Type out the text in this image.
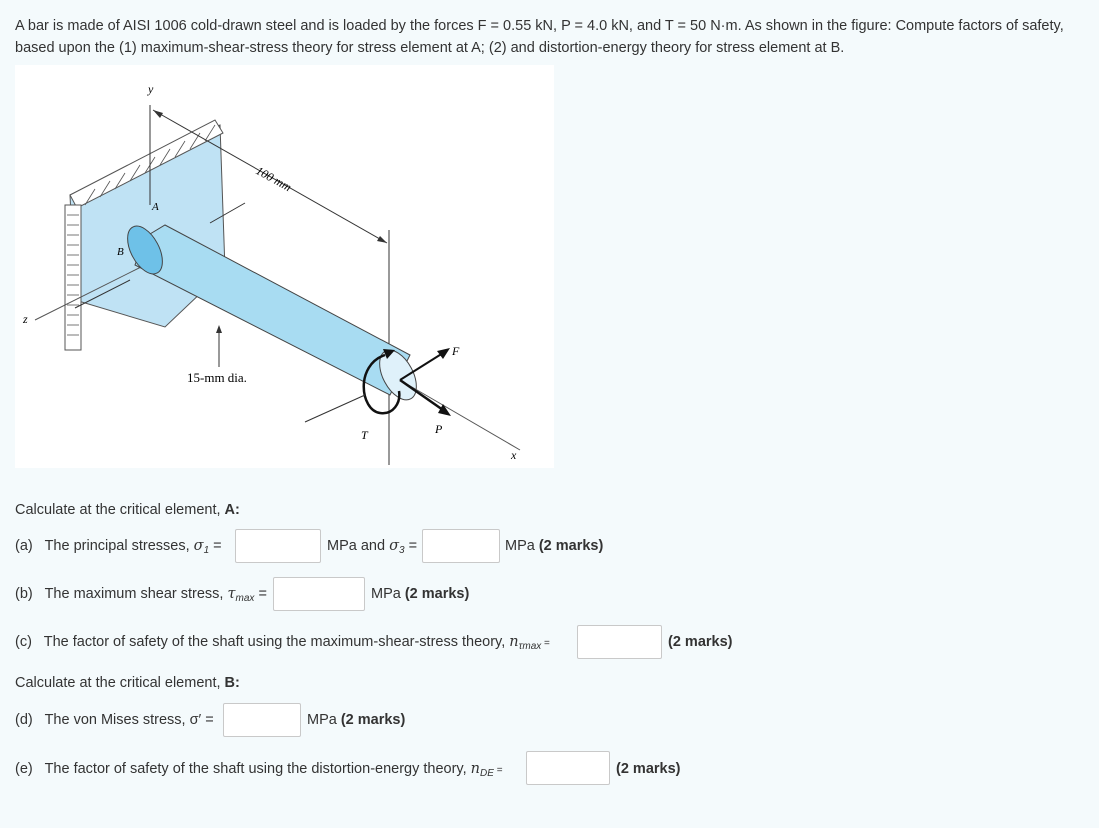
A bar is made of AISI 1006 cold-drawn steel and is loaded by the forces F = 0.55 kN, P = 4.0 kN, and T = 50 N·m. As shown in the figure: Compute factors of safety,
based upon the (1) maximum-shear-stress theory for stress element at A; (2) and distortion-energy theory for stress element at B.
y
z
100 mm
A
B
15-mm dia.
x
F
P
T
Calculate at the critical element, A:
(a) The principal stresses, $\sigma_1$ =	MPa and $\sigma_3$ =	MPa (2 marks)
(b) The maximum shear stress, $\tau_{max}$ =	MPa (2 marks)
(c) The factor of safety of the shaft using the maximum-shear-stress theory, $n_{\tau max}$ =	(2 marks)
Calculate at the critical element, B:
(d) The von Mises stress, σ′ =	MPa (2 marks)
(e) The factor of safety of the shaft using the distortion-energy theory, $n_{DE}$ =	(2 marks)
